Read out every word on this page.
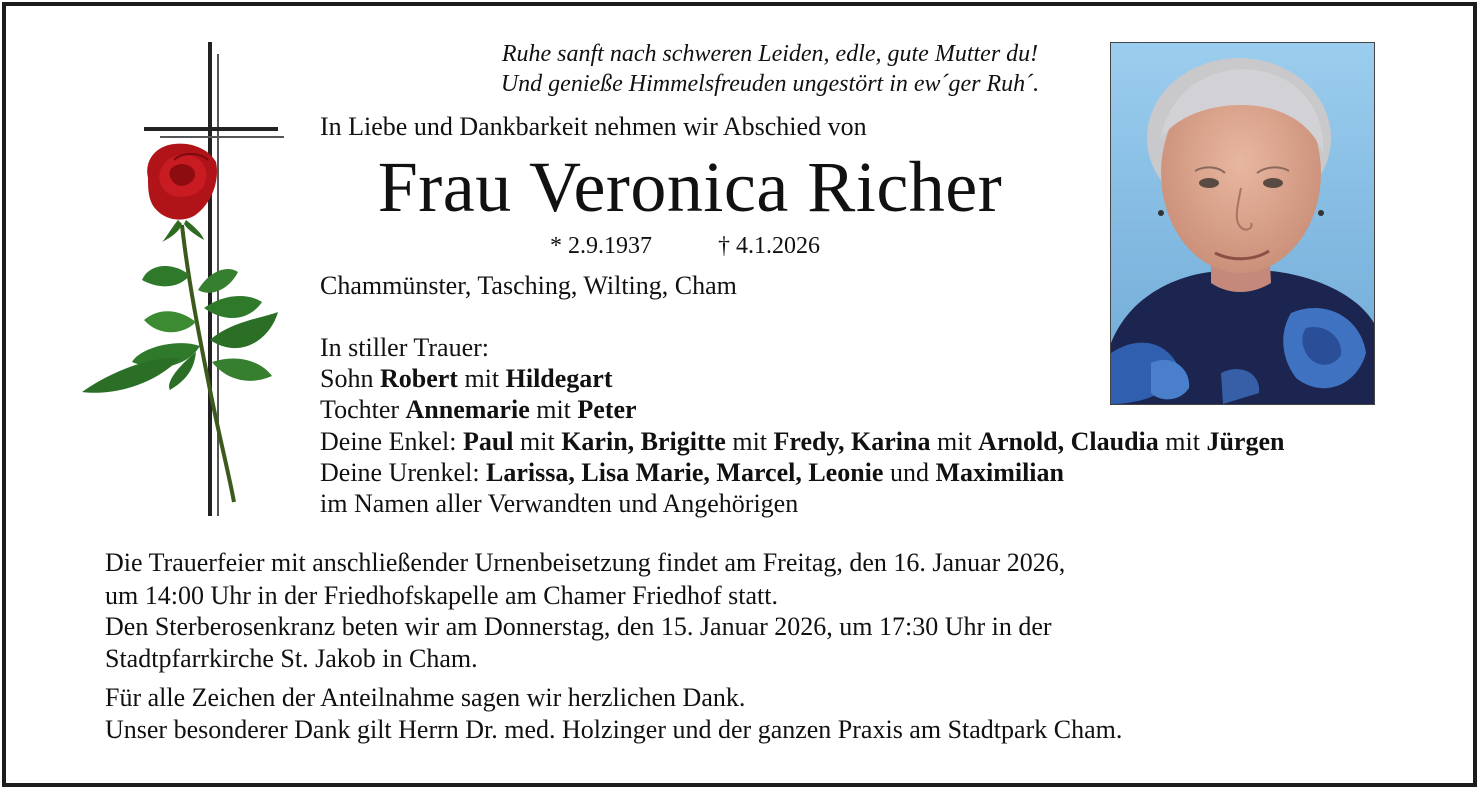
Ruhe sanft nach schweren Leiden, edle, gute Mutter du!
Und genieße Himmelsfreuden ungestört in ew´ger Ruh´.
In Liebe und Dankbarkeit nehmen wir Abschied von
Frau Veronica Richer
* 2.9.1937	† 4.1.2026
Chammünster, Tasching, Wilting, Cham
In stiller Trauer:
Sohn Robert mit Hildegart
Tochter Annemarie mit Peter
Deine Enkel: Paul mit Karin, Brigitte mit Fredy, Karina mit Arnold, Claudia mit Jürgen
Deine Urenkel: Larissa, Lisa Marie, Marcel, Leonie und Maximilian
im Namen aller Verwandten und Angehörigen
Die Trauerfeier mit anschließender Urnenbeisetzung findet am Freitag, den 16. Januar 2026,
um 14:00 Uhr in der Friedhofskapelle am Chamer Friedhof statt.
Den Sterberosenkranz beten wir am Donnerstag, den 15. Januar 2026, um 17:30 Uhr in der
Stadtpfarrkirche St. Jakob in Cham.
Für alle Zeichen der Anteilnahme sagen wir herzlichen Dank.
Unser besonderer Dank gilt Herrn Dr. med. Holzinger und der ganzen Praxis am Stadtpark Cham.
